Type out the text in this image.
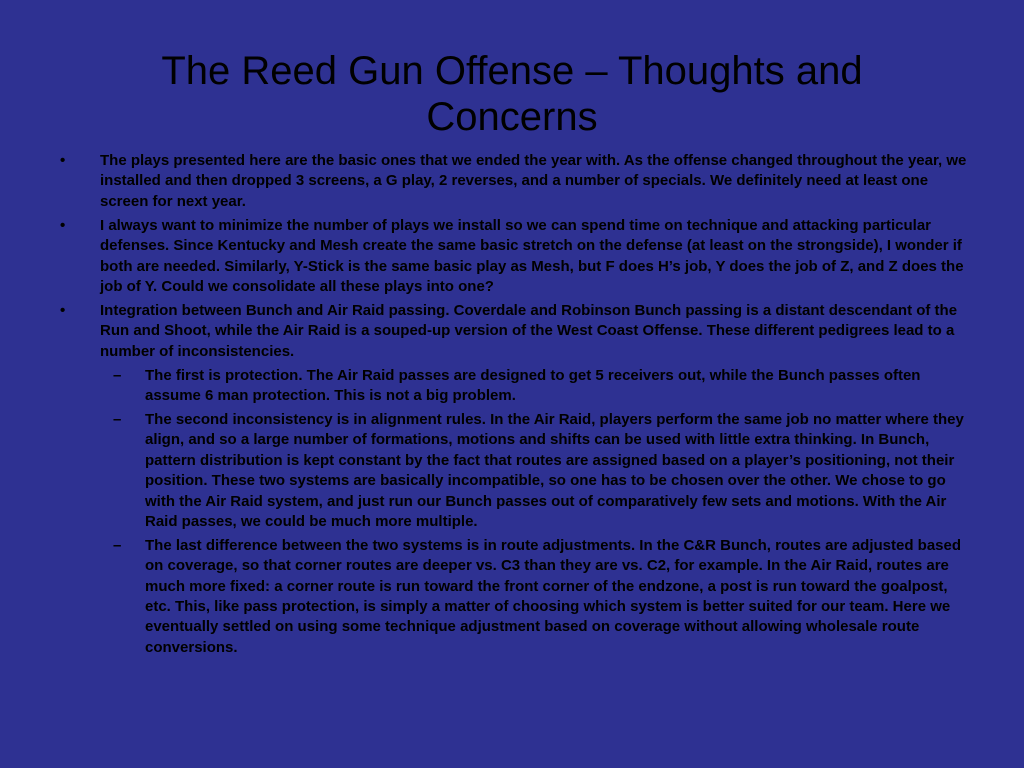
The Reed Gun Offense – Thoughts and Concerns
• The plays presented here are the basic ones that we ended the year with. As the offense changed throughout the year, we installed and then dropped 3 screens, a G play, 2 reverses, and a number of specials. We definitely need at least one screen for next year.
• I always want to minimize the number of plays we install so we can spend time on technique and attacking particular defenses. Since Kentucky and Mesh create the same basic stretch on the defense (at least on the strongside), I wonder if both are needed. Similarly, Y-Stick is the same basic play as Mesh, but F does H’s job, Y does the job of Z, and Z does the job of Y. Could we consolidate all these plays into one?
• Integration between Bunch and Air Raid passing. Coverdale and Robinson Bunch passing is a distant descendant of the Run and Shoot, while the Air Raid is a souped-up version of the West Coast Offense. These different pedigrees lead to a number of inconsistencies.
– The first is protection. The Air Raid passes are designed to get 5 receivers out, while the Bunch passes often assume 6 man protection. This is not a big problem.
– The second inconsistency is in alignment rules. In the Air Raid, players perform the same job no matter where they align, and so a large number of formations, motions and shifts can be used with little extra thinking. In Bunch, pattern distribution is kept constant by the fact that routes are assigned based on a player’s positioning, not their position. These two systems are basically incompatible, so one has to be chosen over the other. We chose to go with the Air Raid system, and just run our Bunch passes out of comparatively few sets and motions. With the Air Raid passes, we could be much more multiple.
– The last difference between the two systems is in route adjustments. In the C&R Bunch, routes are adjusted based on coverage, so that corner routes are deeper vs. C3 than they are vs. C2, for example. In the Air Raid, routes are much more fixed: a corner route is run toward the front corner of the endzone, a post is run toward the goalpost, etc. This, like pass protection, is simply a matter of choosing which system is better suited for our team. Here we eventually settled on using some technique adjustment based on coverage without allowing wholesale route conversions.
